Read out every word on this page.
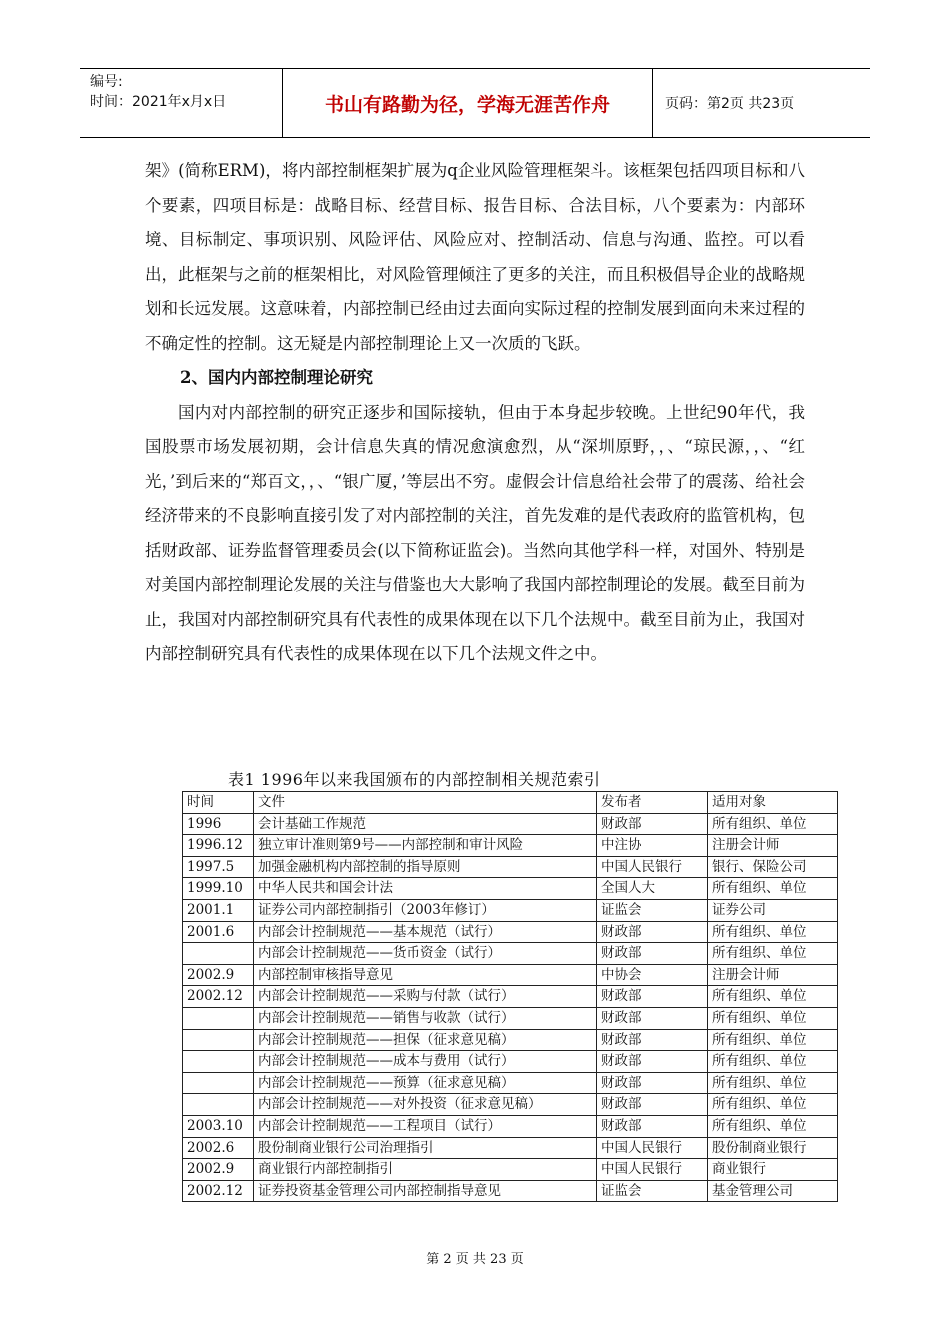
编号:
时间：2021年x月x日	书山有路勤为径，学海无涯苦作舟	页码：第2页 共23页

架》(简称ERM)，将内部控制框架扩展为q企业风险管理框架斗。该框架包括四项目标和八个要素，四项目标是：战略目标、经营目标、报告目标、合法目标，八个要素为：内部环境、目标制定、事项识别、风险评估、风险应对、控制活动、信息与沟通、监控。可以看出，此框架与之前的框架相比，对风险管理倾注了更多的关注，而且积极倡导企业的战略规划和长远发展。这意味着，内部控制已经由过去面向实际过程的控制发展到面向未来过程的不确定性的控制。这无疑是内部控制理论上又一次质的飞跃。

2、国内内部控制理论研究

国内对内部控制的研究正逐步和国际接轨，但由于本身起步较晚。上世纪90年代，我国股票市场发展初期，会计信息失真的情况愈演愈烈，从“深圳原野，，、“琼民源，，、“红光，’到后来的“郑百文，，、“银广厦，’等层出不穷。虚假会计信息给社会带了的震荡、给社会经济带来的不良影响直接引发了对内部控制的关注，首先发难的是代表政府的监管机构，包括财政部、证券监督管理委员会(以下简称证监会)。当然向其他学科一样，对国外、特别是对美国内部控制理论发展的关注与借鉴也大大影响了我国内部控制理论的发展。截至目前为止，我国对内部控制研究具有代表性的成果体现在以下几个法规中。截至目前为止，我国对内部控制研究具有代表性的成果体现在以下几个法规文件之中。

表1 1996年以来我国颁布的内部控制相关规范索引
时间	文件	发布者	适用对象
1996	会计基础工作规范	财政部	所有组织、单位
1996.12	独立审计准则第9号——内部控制和审计风险	中注协	注册会计师
1997.5	加强金融机构内部控制的指导原则	中国人民银行	银行、保险公司
1999.10	中华人民共和国会计法	全国人大	所有组织、单位
2001.1	证券公司内部控制指引（2003年修订）	证监会	证券公司
2001.6	内部会计控制规范——基本规范（试行）	财政部	所有组织、单位
	内部会计控制规范——货币资金（试行）	财政部	所有组织、单位
2002.9	内部控制审核指导意见	中协会	注册会计师
2002.12	内部会计控制规范——采购与付款（试行）	财政部	所有组织、单位
	内部会计控制规范——销售与收款（试行）	财政部	所有组织、单位
	内部会计控制规范——担保（征求意见稿）	财政部	所有组织、单位
	内部会计控制规范——成本与费用（试行）	财政部	所有组织、单位
	内部会计控制规范——预算（征求意见稿）	财政部	所有组织、单位
	内部会计控制规范——对外投资（征求意见稿）	财政部	所有组织、单位
2003.10	内部会计控制规范——工程项目（试行）	财政部	所有组织、单位
2002.6	股份制商业银行公司治理指引	中国人民银行	股份制商业银行
2002.9	商业银行内部控制指引	中国人民银行	商业银行
2002.12	证券投资基金管理公司内部控制指导意见	证监会	基金管理公司
第 2 页 共 23 页
